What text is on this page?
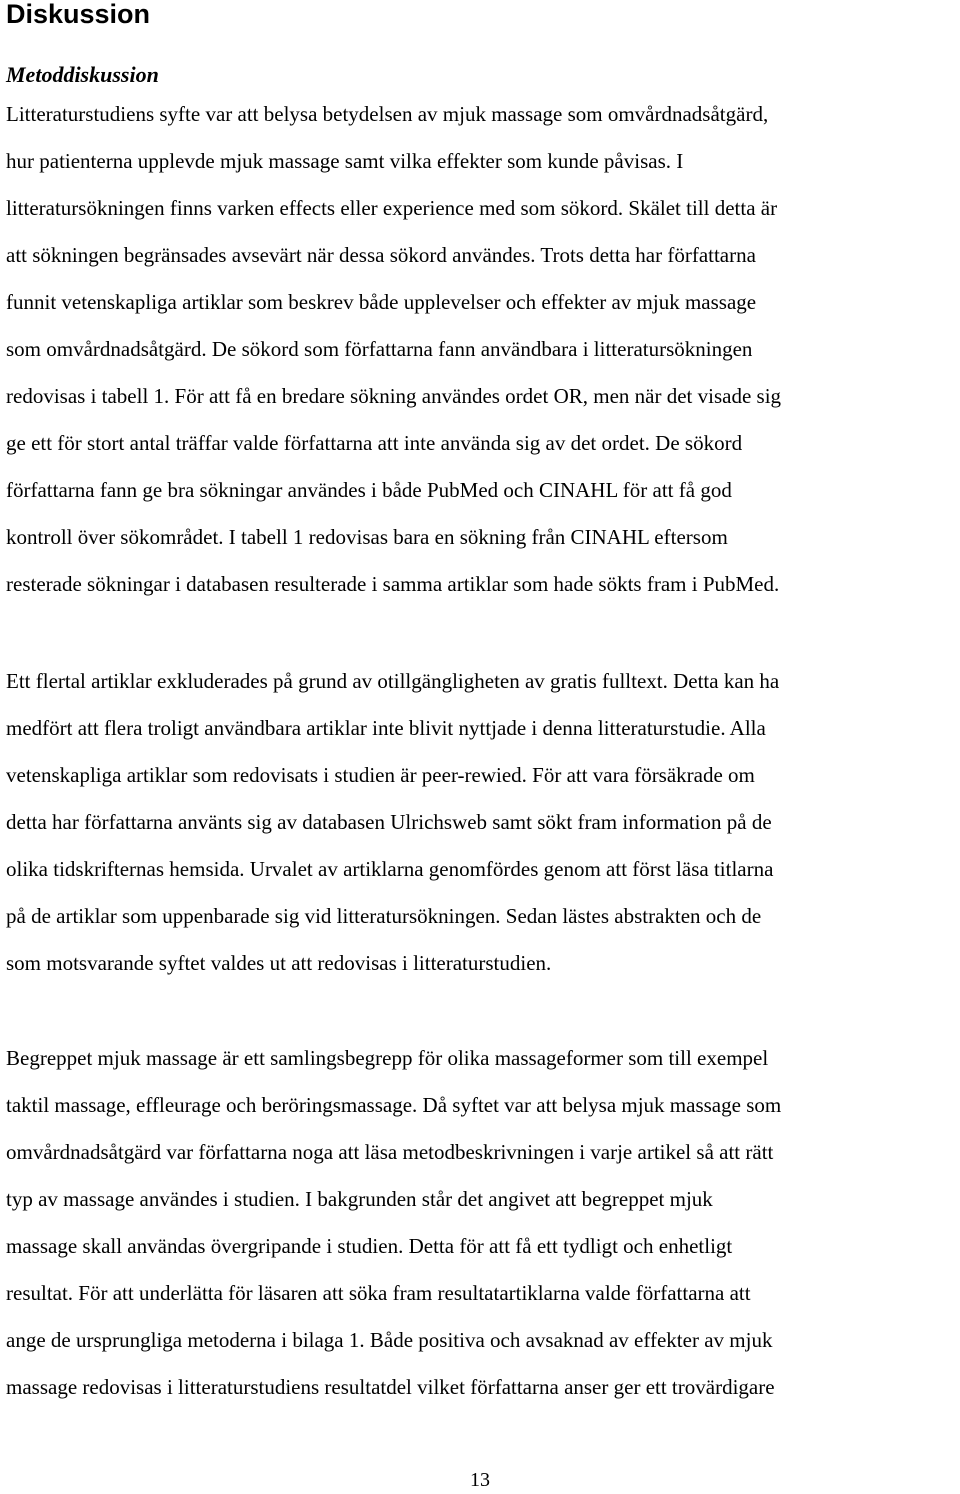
Diskussion
Metoddiskussion
Litteraturstudiens syfte var att belysa betydelsen av mjuk massage som omvårdnadsåtgärd,
hur patienterna upplevde mjuk massage samt vilka effekter som kunde påvisas. I
litteratursökningen finns varken effects eller experience med som sökord. Skälet till detta är
att sökningen begränsades avsevärt när dessa sökord användes. Trots detta har författarna
funnit vetenskapliga artiklar som beskrev både upplevelser och effekter av mjuk massage
som omvårdnadsåtgärd. De sökord som författarna fann användbara i litteratursökningen
redovisas i tabell 1. För att få en bredare sökning användes ordet OR, men när det visade sig
ge ett för stort antal träffar valde författarna att inte använda sig av det ordet. De sökord
författarna fann ge bra sökningar användes i både PubMed och CINAHL för att få god
kontroll över sökområdet. I tabell 1 redovisas bara en sökning från CINAHL eftersom
resterade sökningar i databasen resulterade i samma artiklar som hade sökts fram i PubMed.
Ett flertal artiklar exkluderades på grund av otillgängligheten av gratis fulltext. Detta kan ha
medfört att flera troligt användbara artiklar inte blivit nyttjade i denna litteraturstudie. Alla
vetenskapliga artiklar som redovisats i studien är peer-rewied. För att vara försäkrade om
detta har författarna använts sig av databasen Ulrichsweb samt sökt fram information på de
olika tidskrifternas hemsida. Urvalet av artiklarna genomfördes genom att först läsa titlarna
på de artiklar som uppenbarade sig vid litteratursökningen. Sedan lästes abstrakten och de
som motsvarande syftet valdes ut att redovisas i litteraturstudien.
Begreppet mjuk massage är ett samlingsbegrepp för olika massageformer som till exempel
taktil massage, effleurage och beröringsmassage. Då syftet var att belysa mjuk massage som
omvårdnadsåtgärd var författarna noga att läsa metodbeskrivningen i varje artikel så att rätt
typ av massage användes i studien. I bakgrunden står det angivet att begreppet mjuk
massage skall användas övergripande i studien. Detta för att få ett tydligt och enhetligt
resultat. För att underlätta för läsaren att söka fram resultatartiklarna valde författarna att
ange de ursprungliga metoderna i bilaga 1. Både positiva och avsaknad av effekter av mjuk
massage redovisas i litteraturstudiens resultatdel vilket författarna anser ger ett trovärdigare
13
